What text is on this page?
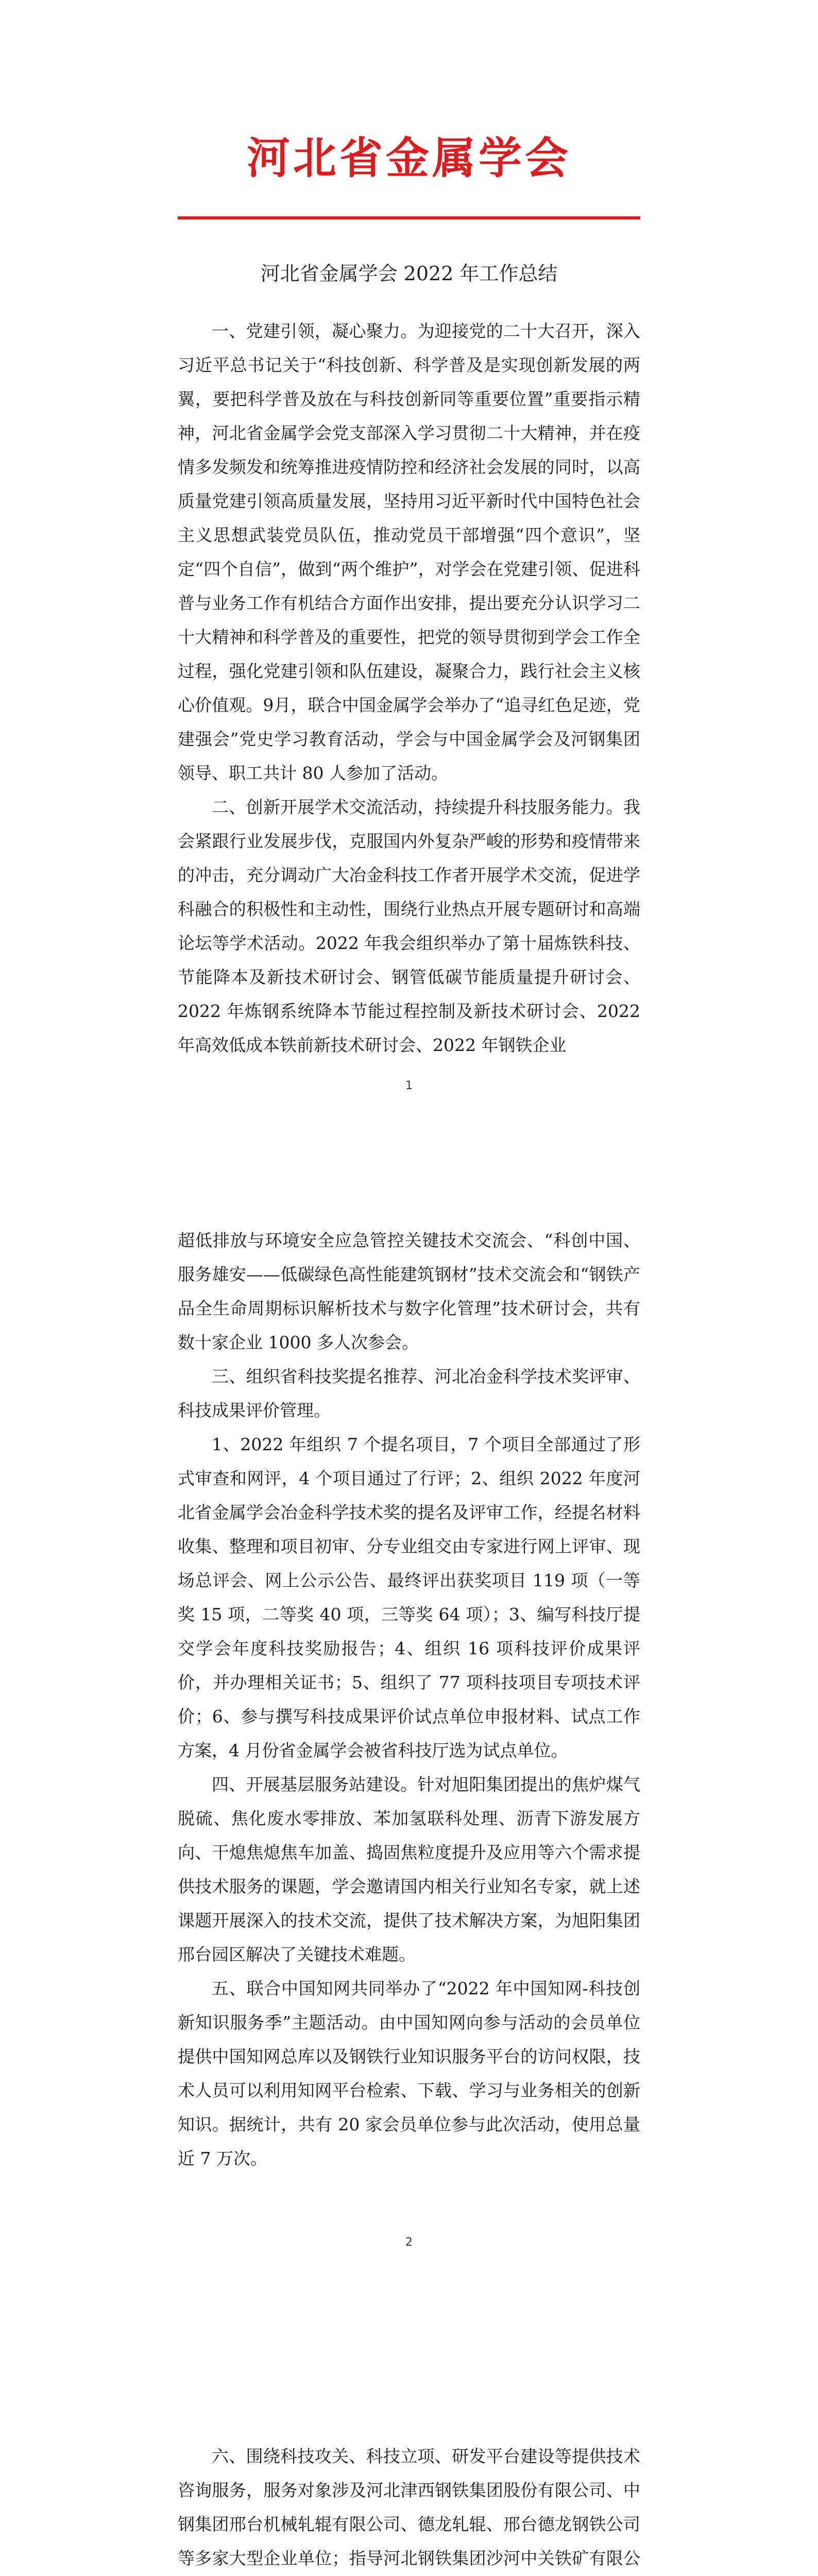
河北省金属学会
河北省金属学会 2022 年工作总结

一、党建引领，凝心聚力。为迎接党的二十大召开，深入习近平总书记关于“科技创新、科学普及是实现创新发展的两翼，要把科学普及放在与科技创新同等重要位置”重要指示精神，河北省金属学会党支部深入学习贯彻二十大精神，并在疫情多发频发和统筹推进疫情防控和经济社会发展的同时，以高质量党建引领高质量发展，坚持用习近平新时代中国特色社会主义思想武装党员队伍，推动党员干部增强“四个意识”，坚定“四个自信”，做到“两个维护”，对学会在党建引领、促进科普与业务工作有机结合方面作出安排，提出要充分认识学习二十大精神和科学普及的重要性，把党的领导贯彻到学会工作全过程，强化党建引领和队伍建设，凝聚合力，践行社会主义核心价值观。9月，联合中国金属学会举办了“追寻红色足迹，党建强会”党史学习教育活动，学会与中国金属学会及河钢集团领导、职工共计 80 人参加了活动。

二、创新开展学术交流活动，持续提升科技服务能力。我会紧跟行业发展步伐，克服国内外复杂严峻的形势和疫情带来的冲击，充分调动广大冶金科技工作者开展学术交流，促进学科融合的积极性和主动性，围绕行业热点开展专题研讨和高端论坛等学术活动。2022 年我会组织举办了第十届炼铁科技、节能降本及新技术研讨会、钢管低碳节能质量提升研讨会、2022 年炼钢系统降本节能过程控制及新技术研讨会、2022 年高效低成本铁前新技术研讨会、2022 年钢铁企业

1

超低排放与环境安全应急管控关键技术交流会、“科创中国、服务雄安——低碳绿色高性能建筑钢材”技术交流会和“钢铁产品全生命周期标识解析技术与数字化管理”技术研讨会，共有数十家企业 1000 多人次参会。

三、组织省科技奖提名推荐、河北冶金科学技术奖评审、科技成果评价管理。

1、2022 年组织 7 个提名项目，7 个项目全部通过了形式审查和网评，4 个项目通过了行评；2、组织 2022 年度河北省金属学会冶金科学技术奖的提名及评审工作，经提名材料收集、整理和项目初审、分专业组交由专家进行网上评审、现场总评会、网上公示公告、最终评出获奖项目 119 项（一等奖 15 项，二等奖 40 项，三等奖 64 项）；3、编写科技厅提交学会年度科技奖励报告；4、组织 16 项科技评价成果评价，并办理相关证书；5、组织了 77 项科技项目专项技术评价；6、参与撰写科技成果评价试点单位申报材料、试点工作方案，4 月份省金属学会被省科技厅选为试点单位。

四、开展基层服务站建设。针对旭阳集团提出的焦炉煤气脱硫、焦化废水零排放、苯加氢联科处理、沥青下游发展方向、干熄焦熄焦车加盖、捣固焦粒度提升及应用等六个需求提供技术服务的课题，学会邀请国内相关行业知名专家，就上述课题开展深入的技术交流，提供了技术解决方案，为旭阳集团邢台园区解决了关键技术难题。

五、联合中国知网共同举办了“2022 年中国知网-科技创新知识服务季”主题活动。由中国知网向参与活动的会员单位提供中国知网总库以及钢铁行业知识服务平台的访问权限，技术人员可以利用知网平台检索、下载、学习与业务相关的创新知识。据统计，共有 20 家会员单位参与此次活动，使用总量近 7 万次。

2

六、围绕科技攻关、科技立项、研发平台建设等提供技术咨询服务，服务对象涉及河北津西钢铁集团股份有限公司、中钢集团邢台机械轧辊有限公司、德龙轧辊、邢台德龙钢铁公司等多家大型企业单位；指导河北钢铁集团沙河中关铁矿有限公
